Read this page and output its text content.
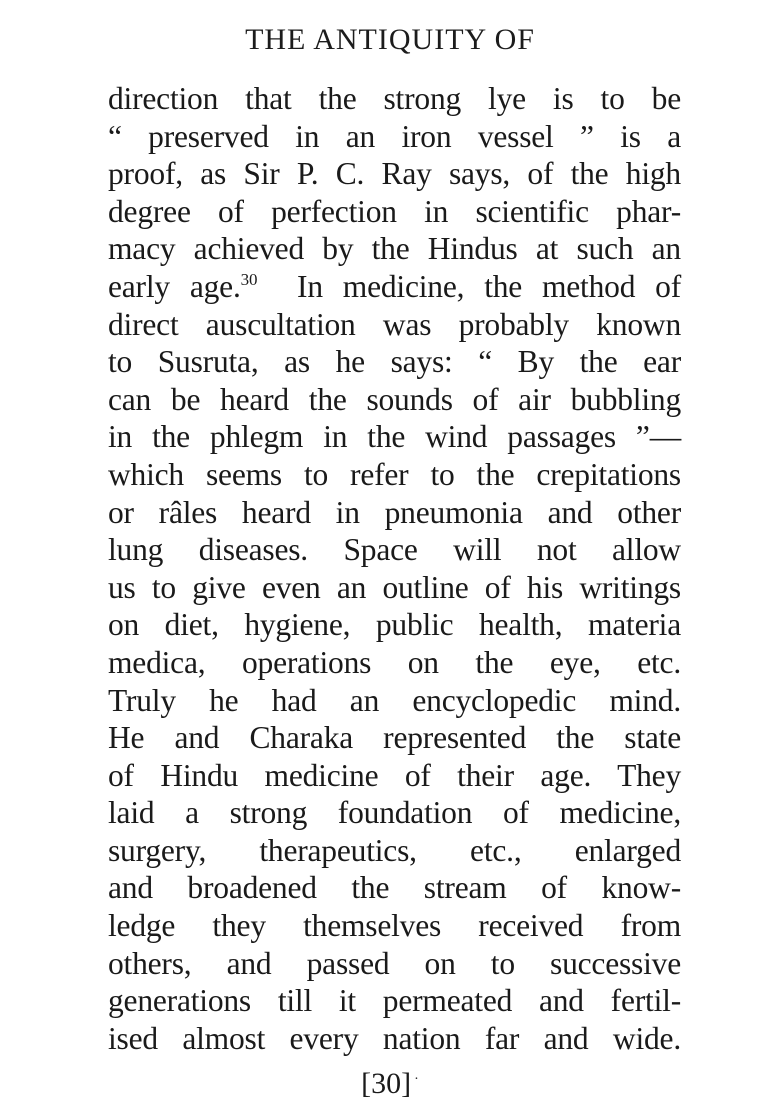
THE ANTIQUITY OF
direction that the strong lye is to be
“ preserved in an iron vessel ” is a
proof, as Sir P. C. Ray says, of the high
degree of perfection in scientific phar-
macy achieved by the Hindus at such an
early age.$^{30}$ In medicine, the method of
direct auscultation was probably known
to Susruta, as he says: “ By the ear
can be heard the sounds of air bubbling
in the phlegm in the wind passages ”—
which seems to refer to the crepitations
or râles heard in pneumonia and other
lung diseases. Space will not allow
us to give even an outline of his writings
on diet, hygiene, public health, materia
medica, operations on the eye, etc.
Truly he had an encyclopedic mind.
He and Charaka represented the state
of Hindu medicine of their age. They
laid a strong foundation of medicine,
surgery, therapeutics, etc., enlarged
and broadened the stream of know-
ledge they themselves received from
others, and passed on to successive
generations till it permeated and fertil-
ised almost every nation far and wide.
[30] ·
